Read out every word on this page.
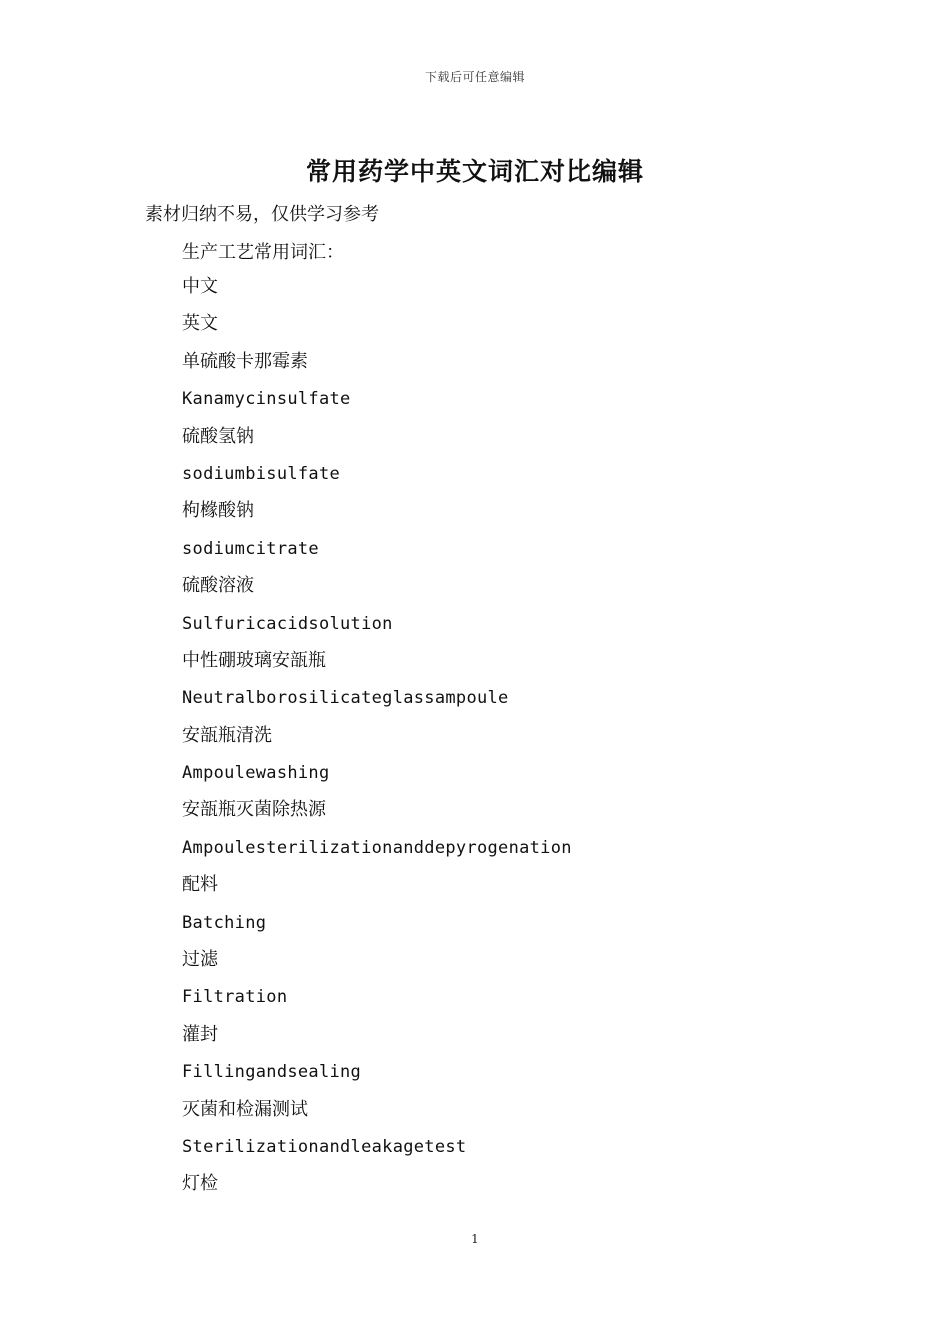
下载后可任意编辑
常用药学中英文词汇对比编辑
素材归纳不易，仅供学习参考
生产工艺常用词汇：
中文
英文
单硫酸卡那霉素
Kanamycinsulfate
硫酸氢钠
sodiumbisulfate
枸橼酸钠
sodiumcitrate
硫酸溶液
Sulfuricacidsolution
中性硼玻璃安瓿瓶
Neutralborosilicateglassampoule
安瓿瓶清洗
Ampoulewashing
安瓿瓶灭菌除热源
Ampoulesterilizationanddepyrogenation
配料
Batching
过滤
Filtration
灌封
Fillingandsealing
灭菌和检漏测试
Sterilizationandleakagetest
灯检
1
